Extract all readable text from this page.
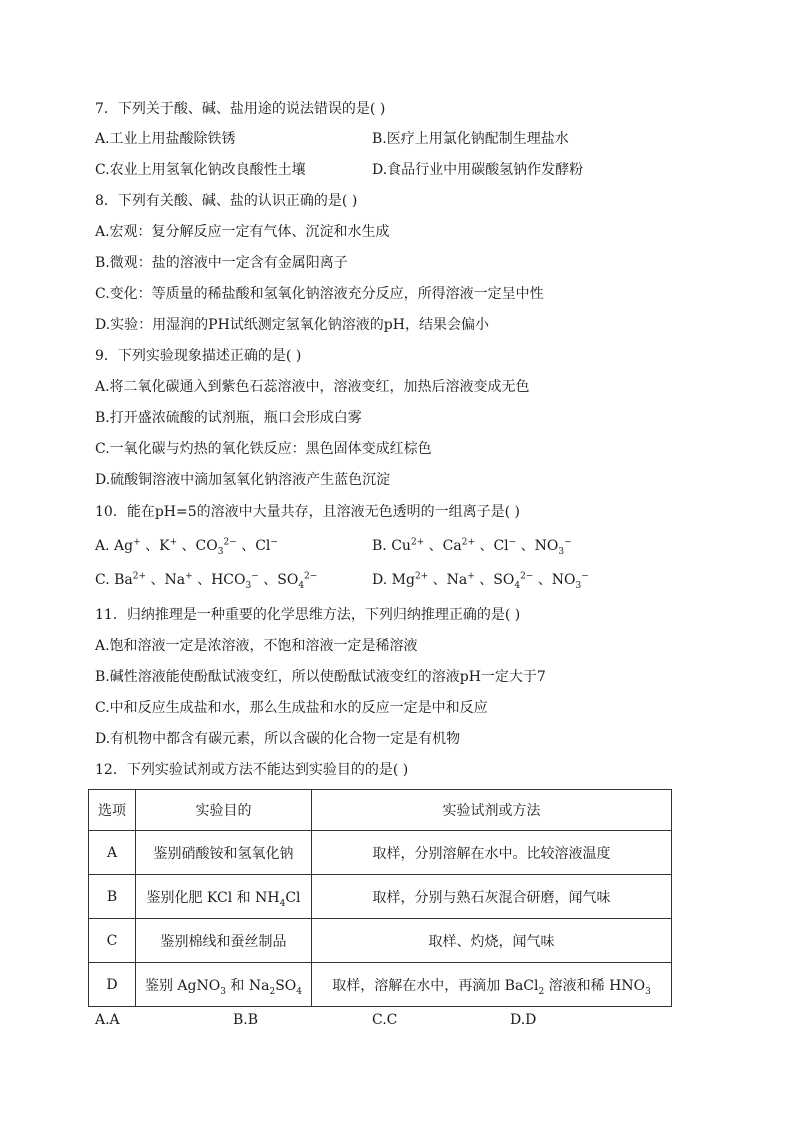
7．下列关于酸、碱、盐用途的说法错误的是( )
A.工业上用盐酸除铁锈	B.医疗上用氯化钠配制生理盐水
C.农业上用氢氧化钠改良酸性土壤	D.食品行业中用碳酸氢钠作发酵粉
8．下列有关酸、碱、盐的认识正确的是( )
A.宏观：复分解反应一定有气体、沉淀和水生成
B.微观：盐的溶液中一定含有金属阳离子
C.变化：等质量的稀盐酸和氢氧化钠溶液充分反应，所得溶液一定呈中性
D.实验：用湿润的PH试纸测定氢氧化钠溶液的pH，结果会偏小
9．下列实验现象描述正确的是( )
A.将二氧化碳通入到紫色石蕊溶液中，溶液变红，加热后溶液变成无色
B.打开盛浓硫酸的试剂瓶，瓶口会形成白雾
C.一氧化碳与灼热的氧化铁反应：黑色固体变成红棕色
D.硫酸铜溶液中滴加氢氧化钠溶液产生蓝色沉淀
10．能在pH=5的溶液中大量共存，且溶液无色透明的一组离子是( )
A. Ag+ 、K+ 、$CO_3^{2-}$ 、Cl−	B. $Cu^{2+}$ 、$Ca^{2+}$ 、Cl− 、$NO_3^-$
C. $Ba^{2+}$ 、Na+ 、$HCO_3^-$ 、$SO_4^{2-}$	D. $Mg^{2+}$ 、Na+ 、$SO_4^{2-}$ 、$NO_3^-$
11．归纳推理是一种重要的化学思维方法，下列归纳推理正确的是( )
A.饱和溶液一定是浓溶液，不饱和溶液一定是稀溶液
B.碱性溶液能使酚酞试液变红，所以使酚酞试液变红的溶液pH一定大于7
C.中和反应生成盐和水，那么生成盐和水的反应一定是中和反应
D.有机物中都含有碳元素，所以含碳的化合物一定是有机物
12．下列实验试剂或方法不能达到实验目的的是( )
选项	实验目的	实验试剂或方法
A	鉴别硝酸铵和氢氧化钠	取样，分别溶解在水中。比较溶液温度
B	鉴别化肥 KCl 和 $NH_4Cl$	取样，分别与熟石灰混合研磨，闻气味
C	鉴别棉线和蚕丝制品	取样、灼烧，闻气味
D	鉴别 AgNO$_3$ 和 $Na_2SO_4$	取样，溶解在水中，再滴加 BaCl$_2$ 溶液和稀 $HNO_3$
A.A	B.B	C.C	D.D
